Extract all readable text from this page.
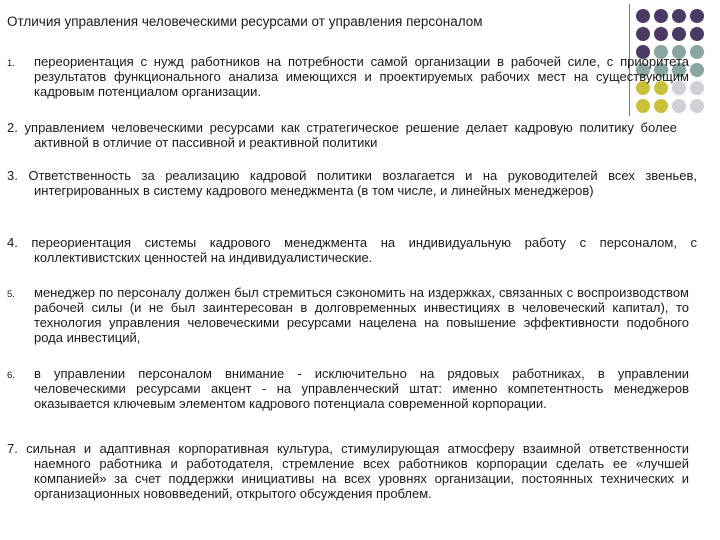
Отличия управления человеческими ресурсами от управления персоналом
1. переориентация с нужд работников на потребности самой организации в рабочей силе, с приоритета результатов функционального анализа имеющихся и проектируемых рабочих мест на существующим кадровым потенциалом организации.
2. управлением человеческими ресурсами как стратегическое решение делает кадровую политику более активной в отличие от пассивной и реактивной политики
3. Ответственность за реализацию кадровой политики возлагается и на руководителей всех звеньев, интегрированных в систему кадрового менеджмента (в том числе, и линейных менеджеров)
4. переориентация системы кадрового менеджмента на индивидуальную работу с персоналом, с коллективистских ценностей на индивидуалистические.
5. менеджер по персоналу должен был стремиться сэкономить на издержках, связанных с воспроизводством рабочей силы (и не был заинтересован в долговременных инвестициях в человеческий капитал), то технология управления человеческими ресурсами нацелена на повышение эффективности подобного рода инвестиций,
6. в управлении персоналом внимание - исключительно на рядовых работниках, в управлении человеческими ресурсами акцент - на управленческий штат: именно компетентность менеджеров оказывается ключевым элементом кадрового потенциала современной корпорации.
7. сильная и адаптивная корпоративная культура, стимулирующая атмосферу взаимной ответственности наемного работника и работодателя, стремление всех работников корпорации сделать ее «лучшей компанией» за счет поддержки инициативы на всех уровнях организации, постоянных технических и организационных нововведений, открытого обсуждения проблем.
